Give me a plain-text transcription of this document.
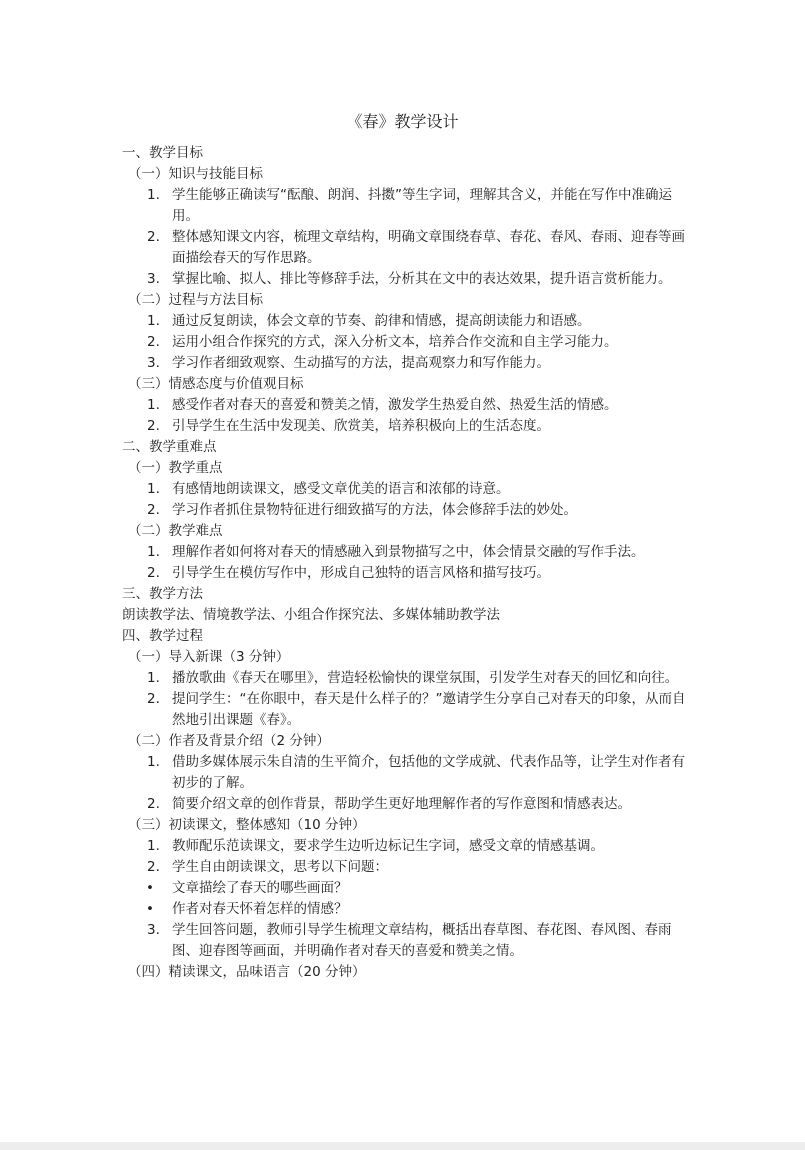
《春》教学设计
一、教学目标
（一）知识与技能目标
1. 学生能够正确读写“酝酿、朗润、抖擞”等生字词，理解其含义，并能在写作中准确运用。
2. 整体感知课文内容，梳理文章结构，明确文章围绕春草、春花、春风、春雨、迎春等画面描绘春天的写作思路。
3. 掌握比喻、拟人、排比等修辞手法，分析其在文中的表达效果，提升语言赏析能力。
（二）过程与方法目标
1. 通过反复朗读，体会文章的节奏、韵律和情感，提高朗读能力和语感。
2. 运用小组合作探究的方式，深入分析文本，培养合作交流和自主学习能力。
3. 学习作者细致观察、生动描写的方法，提高观察力和写作能力。
（三）情感态度与价值观目标
1. 感受作者对春天的喜爱和赞美之情，激发学生热爱自然、热爱生活的情感。
2. 引导学生在生活中发现美、欣赏美，培养积极向上的生活态度。
二、教学重难点
（一）教学重点
1. 有感情地朗读课文，感受文章优美的语言和浓郁的诗意。
2. 学习作者抓住景物特征进行细致描写的方法，体会修辞手法的妙处。
（二）教学难点
1. 理解作者如何将对春天的情感融入到景物描写之中，体会情景交融的写作手法。
2. 引导学生在模仿写作中，形成自己独特的语言风格和描写技巧。
三、教学方法
朗读教学法、情境教学法、小组合作探究法、多媒体辅助教学法
四、教学过程
（一）导入新课（3 分钟）
1. 播放歌曲《春天在哪里》，营造轻松愉快的课堂氛围，引发学生对春天的回忆和向往。
2. 提问学生：“在你眼中，春天是什么样子的？”邀请学生分享自己对春天的印象，从而自然地引出课题《春》。
（二）作者及背景介绍（2 分钟）
1. 借助多媒体展示朱自清的生平简介，包括他的文学成就、代表作品等，让学生对作者有初步的了解。
2. 简要介绍文章的创作背景，帮助学生更好地理解作者的写作意图和情感表达。
（三）初读课文，整体感知（10 分钟）
1. 教师配乐范读课文，要求学生边听边标记生字词，感受文章的情感基调。
2. 学生自由朗读课文，思考以下问题：
• 文章描绘了春天的哪些画面？
• 作者对春天怀着怎样的情感？
3. 学生回答问题，教师引导学生梳理文章结构，概括出春草图、春花图、春风图、春雨图、迎春图等画面，并明确作者对春天的喜爱和赞美之情。
（四）精读课文，品味语言（20 分钟）
